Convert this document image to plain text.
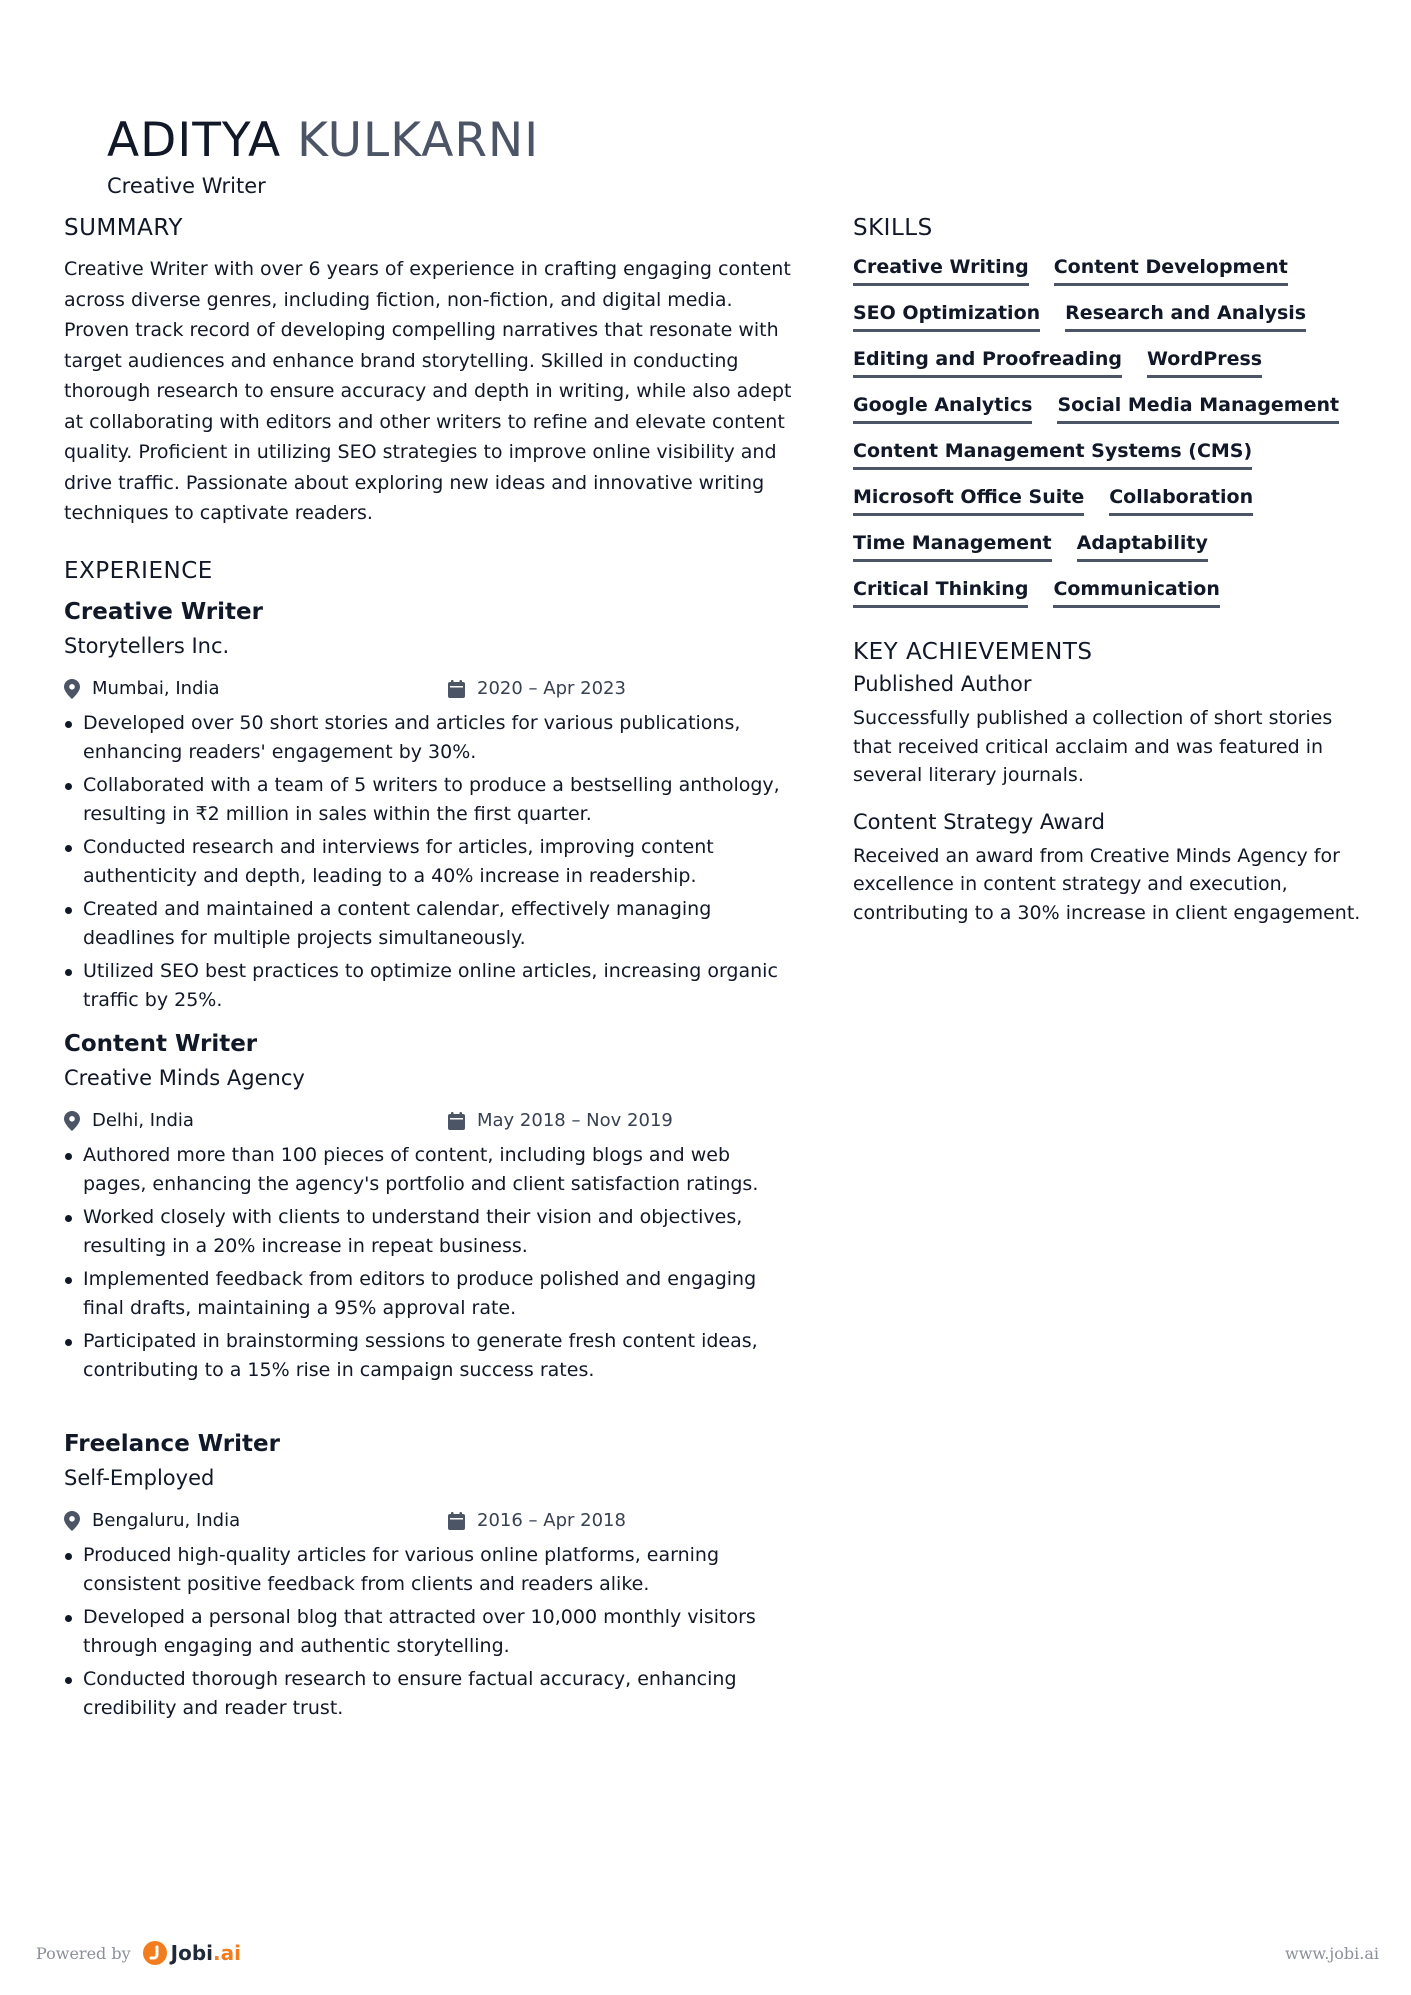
ADITYA KULKARNI
Creative Writer
SUMMARY

Creative Writer with over 6 years of experience in crafting engaging content across diverse genres, including fiction, non-fiction, and digital media. Proven track record of developing compelling narratives that resonate with target audiences and enhance brand storytelling. Skilled in conducting thorough research to ensure accuracy and depth in writing, while also adept at collaborating with editors and other writers to refine and elevate content quality. Proficient in utilizing SEO strategies to improve online visibility and drive traffic. Passionate about exploring new ideas and innovative writing techniques to captivate readers.

EXPERIENCE
Creative Writer
Storytellers Inc.
Mumbai, India	2020 – Apr 2023
Developed over 50 short stories and articles for various publications, enhancing readers' engagement by 30%.
Collaborated with a team of 5 writers to produce a bestselling anthology, resulting in ₹2 million in sales within the first quarter.
Conducted research and interviews for articles, improving content authenticity and depth, leading to a 40% increase in readership.
Created and maintained a content calendar, effectively managing deadlines for multiple projects simultaneously.
Utilized SEO best practices to optimize online articles, increasing organic traffic by 25%.
Content Writer
Creative Minds Agency
Delhi, India	May 2018 – Nov 2019
Authored more than 100 pieces of content, including blogs and web pages, enhancing the agency's portfolio and client satisfaction ratings.
Worked closely with clients to understand their vision and objectives, resulting in a 20% increase in repeat business.
Implemented feedback from editors to produce polished and engaging final drafts, maintaining a 95% approval rate.
Participated in brainstorming sessions to generate fresh content ideas, contributing to a 15% rise in campaign success rates.
Freelance Writer
Self-Employed
Bengaluru, India	2016 – Apr 2018
Produced high-quality articles for various online platforms, earning consistent positive feedback from clients and readers alike.
Developed a personal blog that attracted over 10,000 monthly visitors through engaging and authentic storytelling.
Conducted thorough research to ensure factual accuracy, enhancing credibility and reader trust.
SKILLS
Creative Writing Content Development
SEO Optimization Research and Analysis
Editing and Proofreading WordPress
Google Analytics Social Media Management
Content Management Systems (CMS)
Microsoft Office Suite Collaboration
Time Management Adaptability
Critical Thinking Communication
KEY ACHIEVEMENTS
Published Author
Successfully published a collection of short stories that received critical acclaim and was featured in several literary journals.
Content Strategy Award
Received an award from Creative Minds Agency for excellence in content strategy and execution, contributing to a 30% increase in client engagement.
Powered by Jobi .ai	www.jobi.ai
